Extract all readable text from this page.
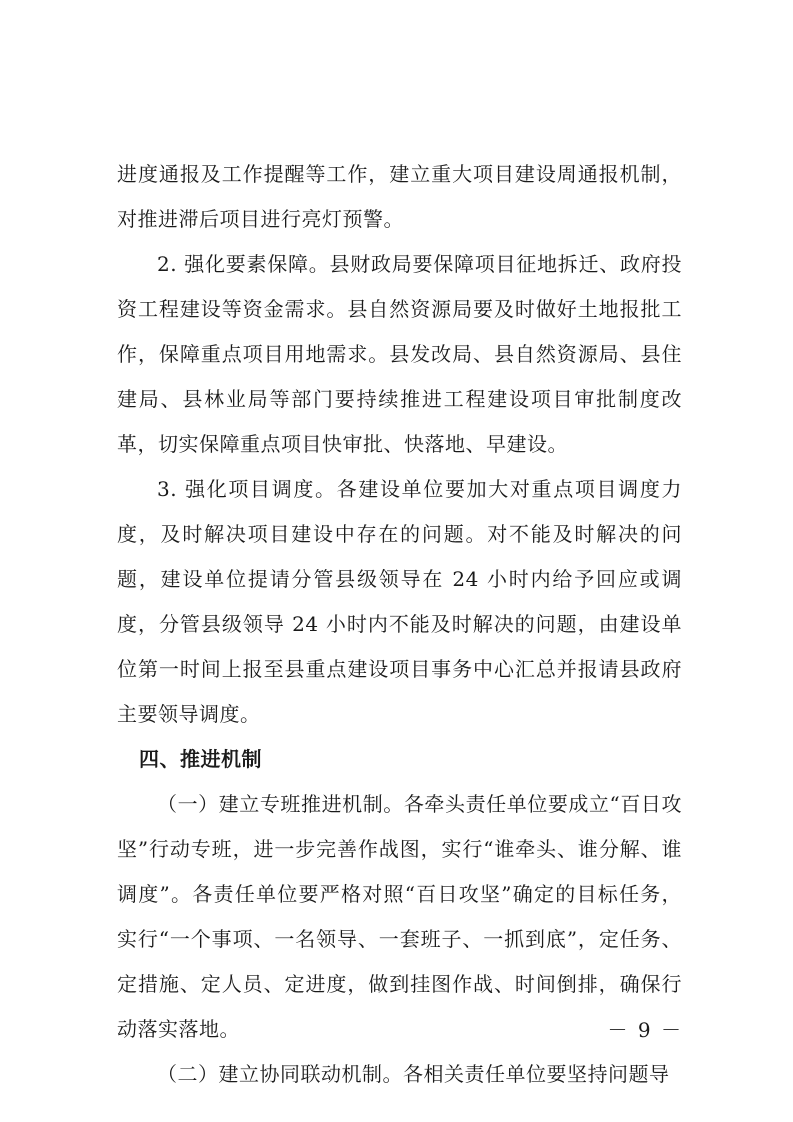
进度通报及工作提醒等工作，建立重大项目建设周通报机制，对推进滞后项目进行亮灯预警。

2. 强化要素保障。县财政局要保障项目征地拆迁、政府投资工程建设等资金需求。县自然资源局要及时做好土地报批工作，保障重点项目用地需求。县发改局、县自然资源局、县住建局、县林业局等部门要持续推进工程建设项目审批制度改革，切实保障重点项目快审批、快落地、早建设。

3. 强化项目调度。各建设单位要加大对重点项目调度力度，及时解决项目建设中存在的问题。对不能及时解决的问题，建设单位提请分管县级领导在 24 小时内给予回应或调度，分管县级领导 24 小时内不能及时解决的问题，由建设单位第一时间上报至县重点建设项目事务中心汇总并报请县政府主要领导调度。

四、推进机制

（一）建立专班推进机制。各牵头责任单位要成立“百日攻坚”行动专班，进一步完善作战图，实行“谁牵头、谁分解、谁调度”。各责任单位要严格对照“百日攻坚”确定的目标任务，实行“一个事项、一名领导、一套班子、一抓到底”，定任务、定措施、定人员、定进度，做到挂图作战、时间倒排，确保行动落实落地。

（二）建立协同联动机制。各相关责任单位要坚持问题导

－ 9 －
